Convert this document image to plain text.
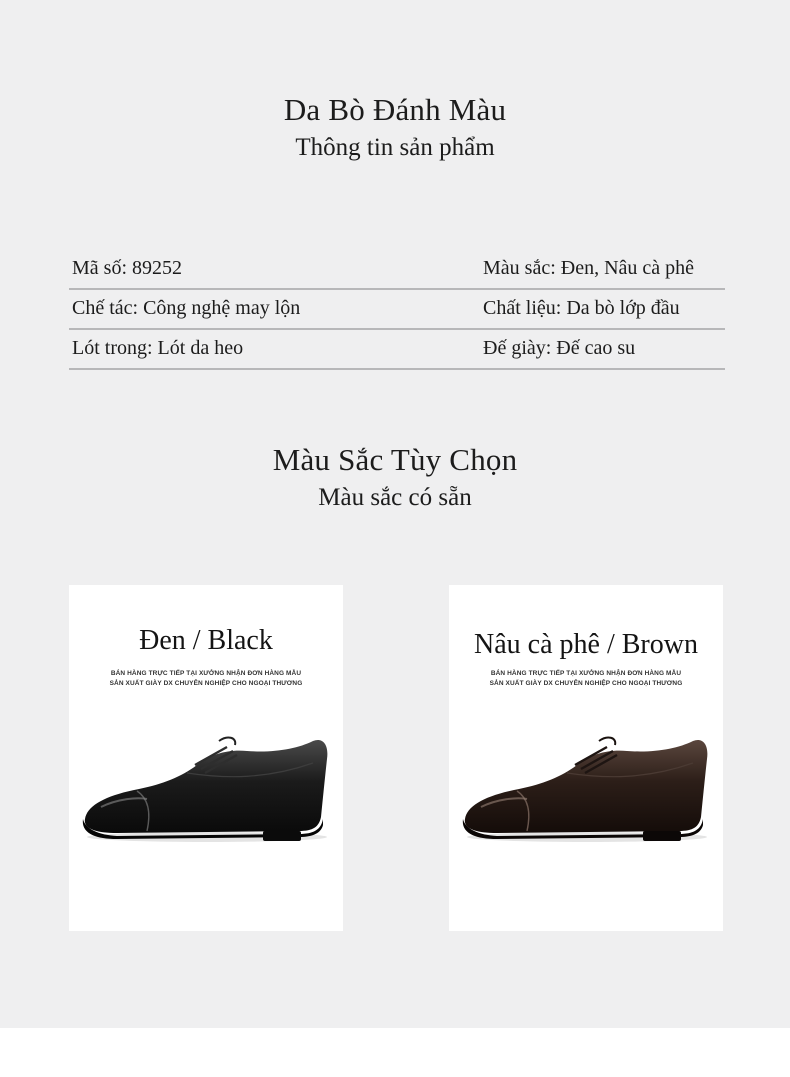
Da Bò Đánh Màu
Thông tin sản phẩm
Mã số: 89252	Màu sắc: Đen, Nâu cà phê
Chế tác: Công nghệ may lộn	Chất liệu: Da bò lớp đầu
Lót trong: Lót da heo	Đế giày: Đế cao su
Màu Sắc Tùy Chọn
Màu sắc có sẵn
Đen / Black
BÁN HÀNG TRỰC TIẾP TẠI XƯỞNG NHẬN ĐƠN HÀNG MẪU
SẢN XUẤT GIÀY DX CHUYÊN NGHIỆP CHO NGOẠI THƯƠNG
Nâu cà phê / Brown
BÁN HÀNG TRỰC TIẾP TẠI XƯỞNG NHẬN ĐƠN HÀNG MẪU
SẢN XUẤT GIÀY DX CHUYÊN NGHIỆP CHO NGOẠI THƯƠNG
